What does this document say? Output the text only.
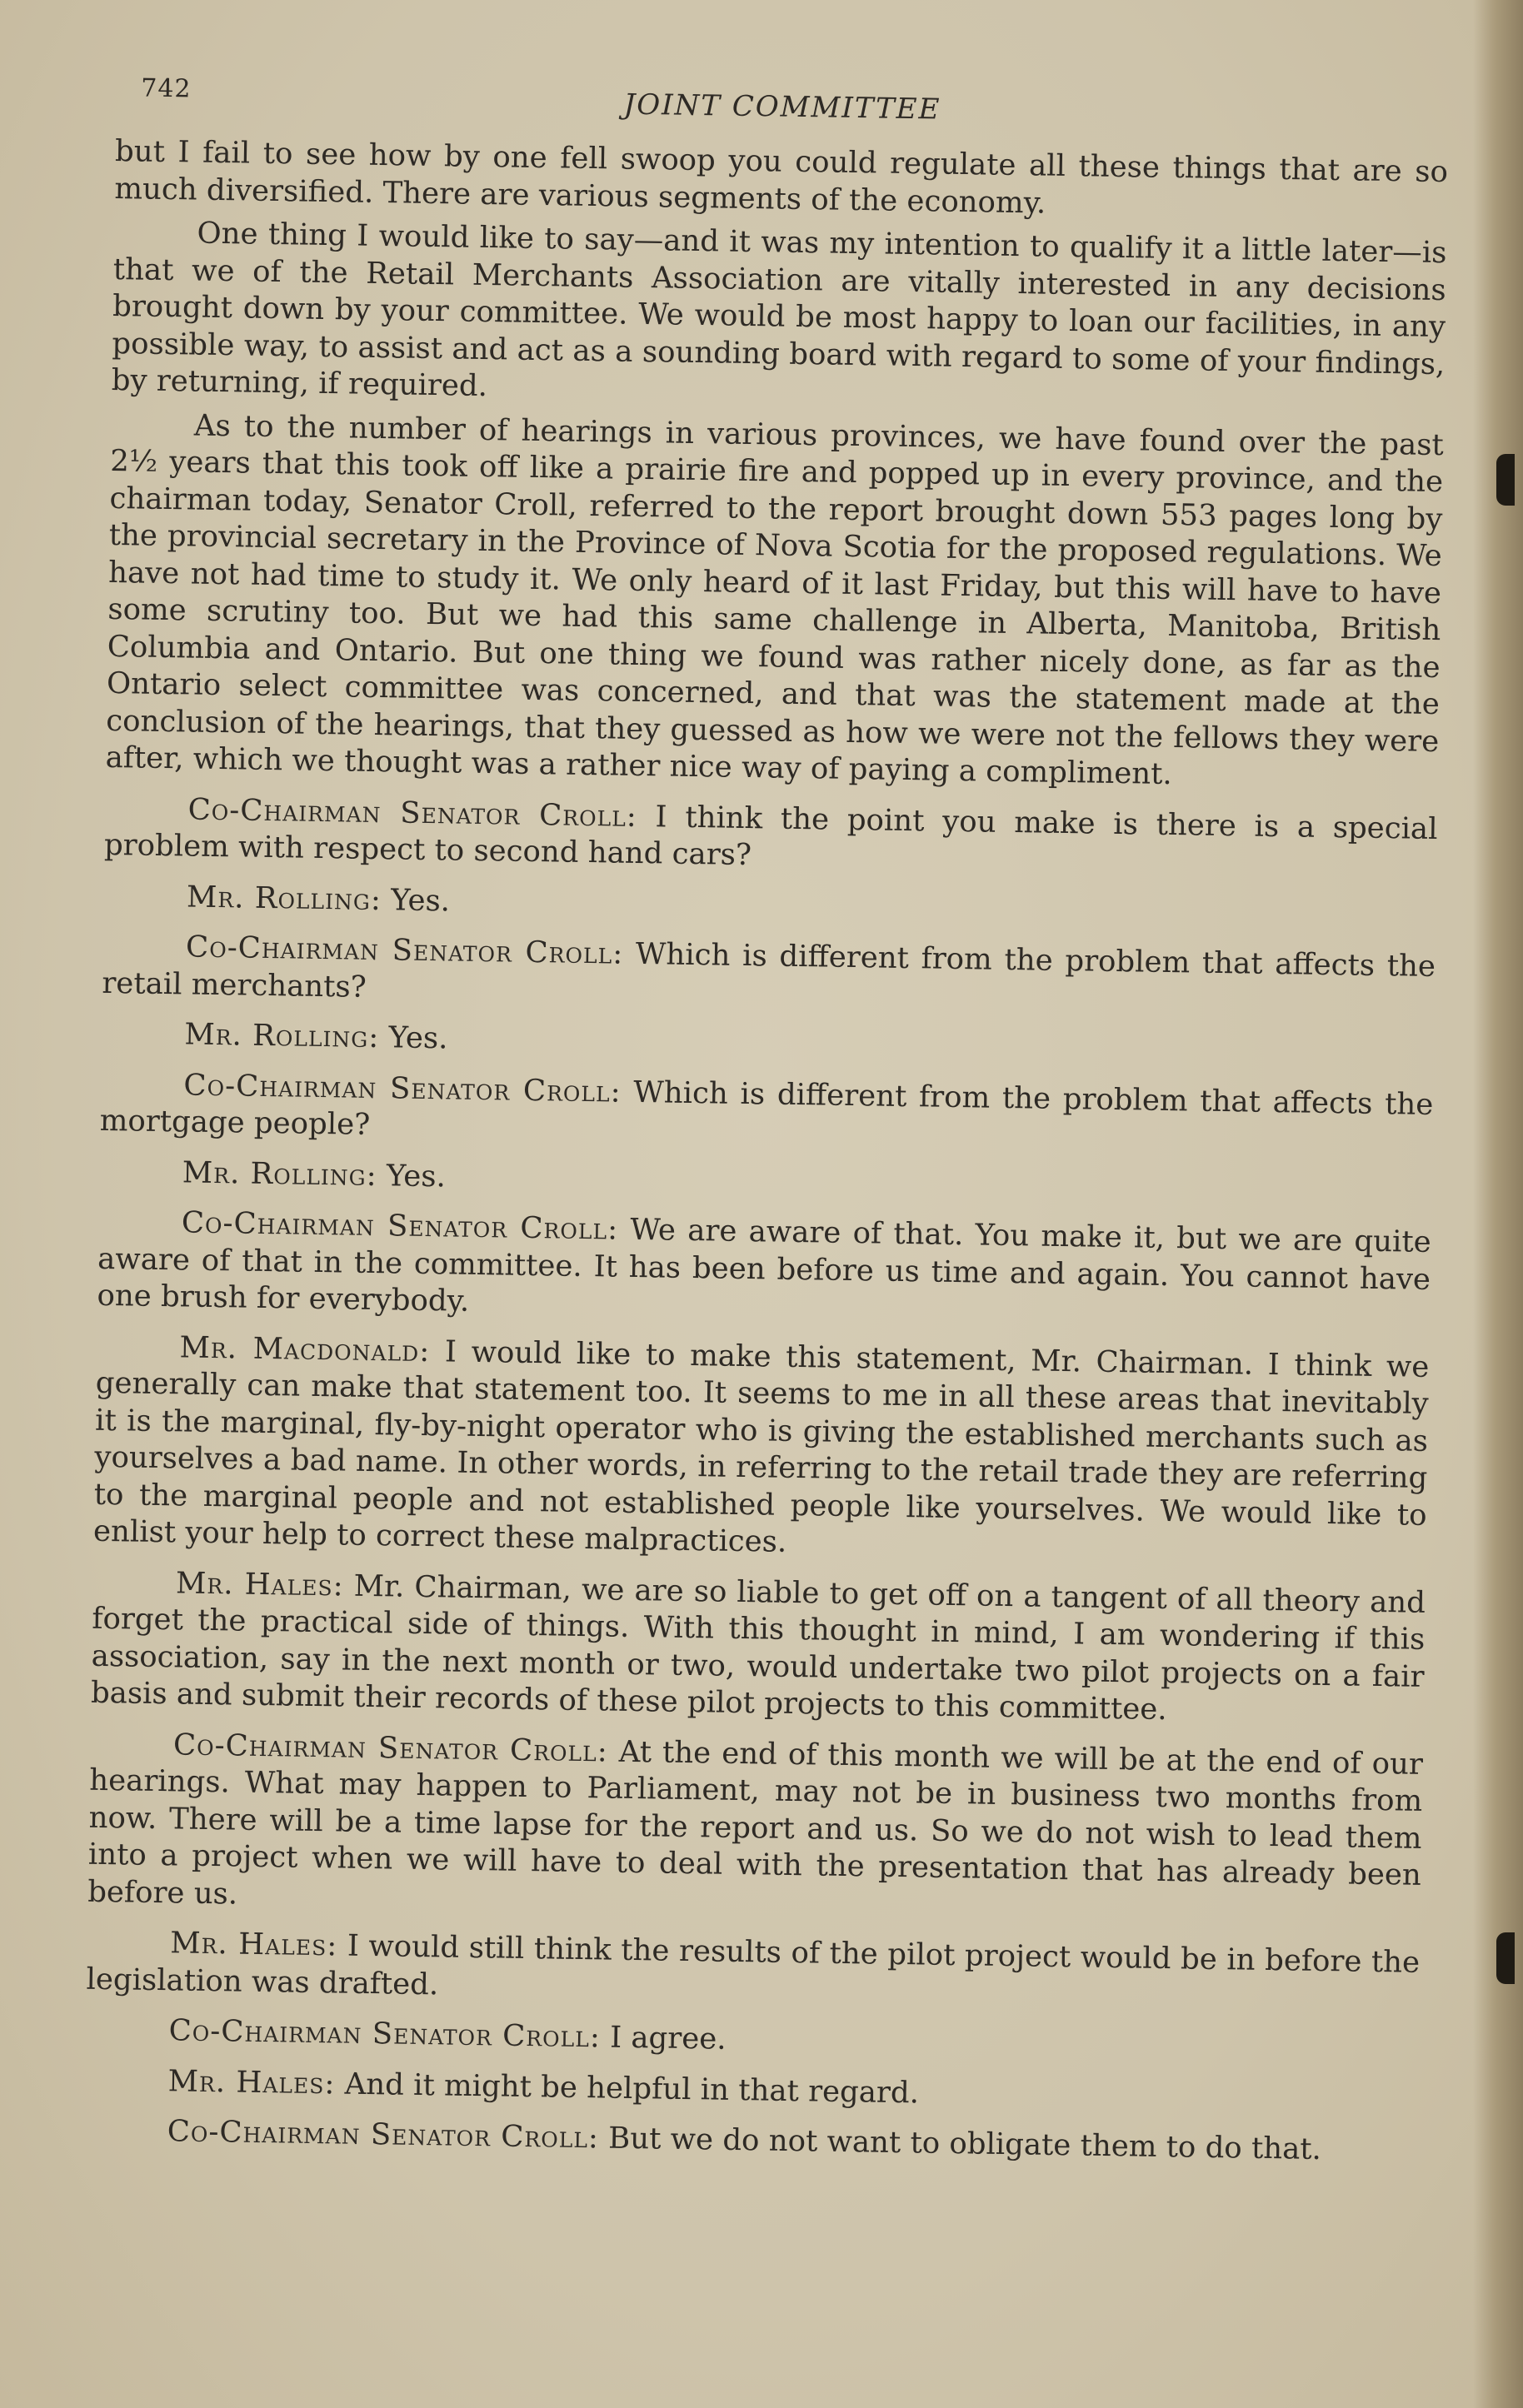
742	JOINT COMMITTEE

but I fail to see how by one fell swoop you could regulate all these things that are so much diversified. There are various segments of the economy.

One thing I would like to say—and it was my intention to qualify it a little later—is that we of the Retail Merchants Association are vitally interested in any decisions brought down by your committee. We would be most happy to loan our facilities, in any possible way, to assist and act as a sounding board with regard to some of your findings, by returning, if required.

As to the number of hearings in various provinces, we have found over the past 2½ years that this took off like a prairie fire and popped up in every province, and the chairman today, Senator Croll, referred to the report brought down 553 pages long by the provincial secretary in the Province of Nova Scotia for the proposed regulations. We have not had time to study it. We only heard of it last Friday, but this will have to have some scrutiny too. But we had this same challenge in Alberta, Manitoba, British Columbia and Ontario. But one thing we found was rather nicely done, as far as the Ontario select committee was concerned, and that was the statement made at the conclusion of the hearings, that they guessed as how we were not the fellows they were after, which we thought was a rather nice way of paying a compliment.

Co-Chairman Senator Croll: I think the point you make is there is a special problem with respect to second hand cars?

Mr. Rolling: Yes.

Co-Chairman Senator Croll: Which is different from the problem that affects the retail merchants?

Mr. Rolling: Yes.

Co-Chairman Senator Croll: Which is different from the problem that affects the mortgage people?

Mr. Rolling: Yes.

Co-Chairman Senator Croll: We are aware of that. You make it, but we are quite aware of that in the committee. It has been before us time and again. You cannot have one brush for everybody.

Mr. Macdonald: I would like to make this statement, Mr. Chairman. I think we generally can make that statement too. It seems to me in all these areas that inevitably it is the marginal, fly-by-night operator who is giving the established merchants such as yourselves a bad name. In other words, in referring to the retail trade they are referring to the marginal people and not established people like yourselves. We would like to enlist your help to correct these malpractices.

Mr. Hales: Mr. Chairman, we are so liable to get off on a tangent of all theory and forget the practical side of things. With this thought in mind, I am wondering if this association, say in the next month or two, would undertake two pilot projects on a fair basis and submit their records of these pilot projects to this committee.

Co-Chairman Senator Croll: At the end of this month we will be at the end of our hearings. What may happen to Parliament, may not be in business two months from now. There will be a time lapse for the report and us. So we do not wish to lead them into a project when we will have to deal with the presentation that has already been before us.

Mr. Hales: I would still think the results of the pilot project would be in before the legislation was drafted.

Co-Chairman Senator Croll: I agree.

Mr. Hales: And it might be helpful in that regard.

Co-Chairman Senator Croll: But we do not want to obligate them to do that.
